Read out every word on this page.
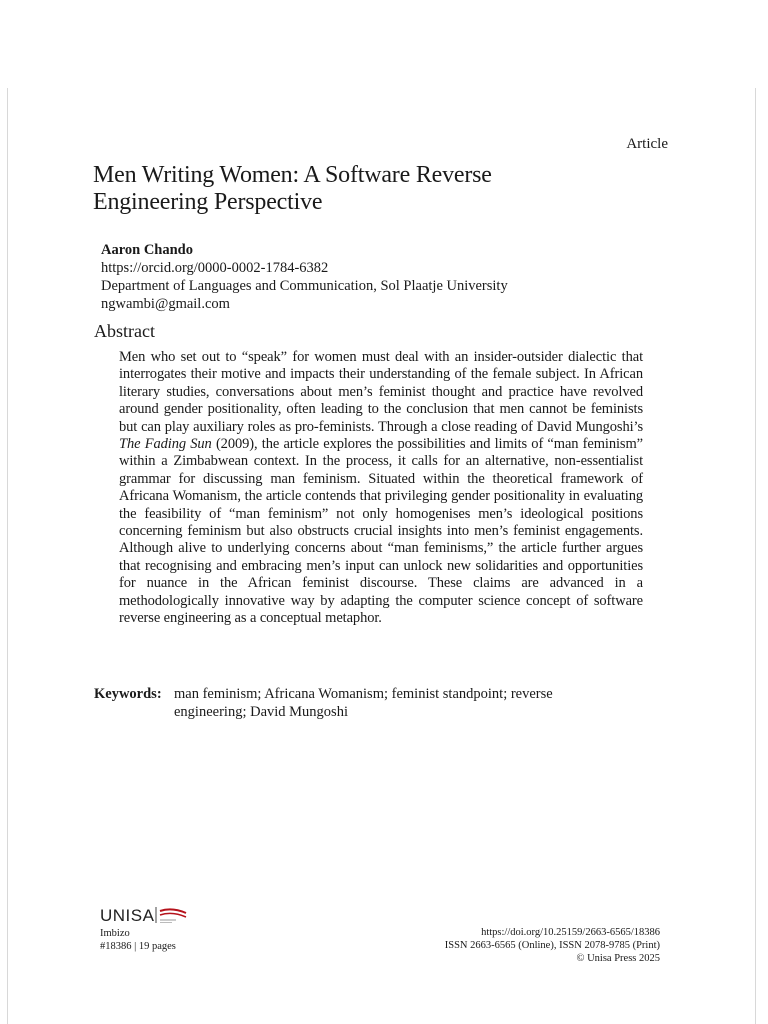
Article
Men Writing Women: A Software Reverse
Engineering Perspective
Aaron Chando
https://orcid.org/0000-0002-1784-6382
Department of Languages and Communication, Sol Plaatje University
ngwambi@gmail.com
Abstract

Men who set out to “speak” for women must deal with an insider-outsider dialectic that interrogates their motive and impacts their understanding of the female subject. In African literary studies, conversations about men’s feminist thought and practice have revolved around gender positionality, often leading to the conclusion that men cannot be feminists but can play auxiliary roles as pro-feminists. Through a close reading of David Mungoshi’s The Fading Sun (2009), the article explores the possibilities and limits of “man feminism” within a Zimbabwean context. In the process, it calls for an alternative, non-essentialist grammar for discussing man feminism. Situated within the theoretical framework of Africana Womanism, the article contends that privileging gender positionality in evaluating the feasibility of “man feminism” not only homogenises men’s ideological positions concerning feminism but also obstructs crucial insights into men’s feminist engagements. Although alive to underlying concerns about “man feminisms,” the article further argues that recognising and embracing men’s input can unlock new solidarities and opportunities for nuance in the African feminist discourse. These claims are advanced in a methodologically innovative way by adapting the computer science concept of software reverse engineering as a conceptual metaphor.

Keywords: man feminism; Africana Womanism; feminist standpoint; reverse engineering; David Mungoshi
UNISA
Imbizo
#18386 | 19 pages
https://doi.org/10.25159/2663-6565/18386
ISSN 2663-6565 (Online), ISSN 2078-9785 (Print)
© Unisa Press 2025
